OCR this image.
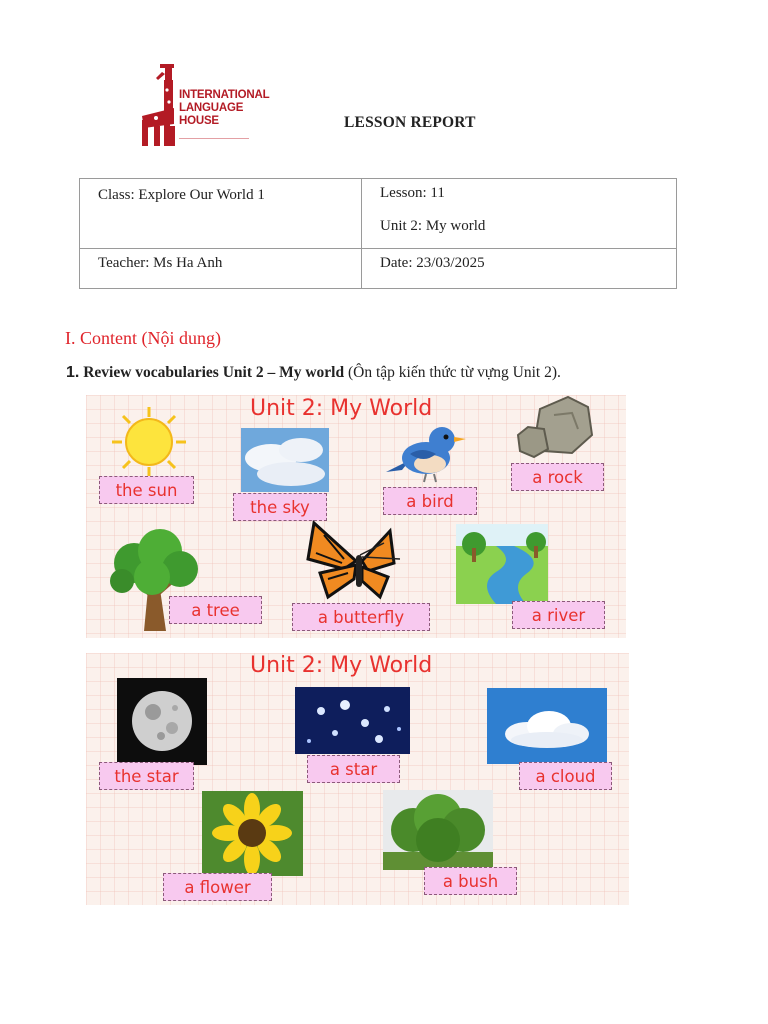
INTERNATIONAL
LANGUAGE
HOUSE	LESSON REPORT
Class: Explore Our World 1	Lesson: 11
Unit 2: My world

Teacher: Ms Ha Anh	Date: 23/03/2025
I. Content (Nội dung)
1. Review vocabularies Unit 2 – My world (Ôn tập kiến thức từ vựng Unit 2).
Unit 2: My World
the sun
the sky	a bird
a rock
a tree	a butterfly	a river
Unit 2: My World
the star	a star	a cloud
a flower	a bush
